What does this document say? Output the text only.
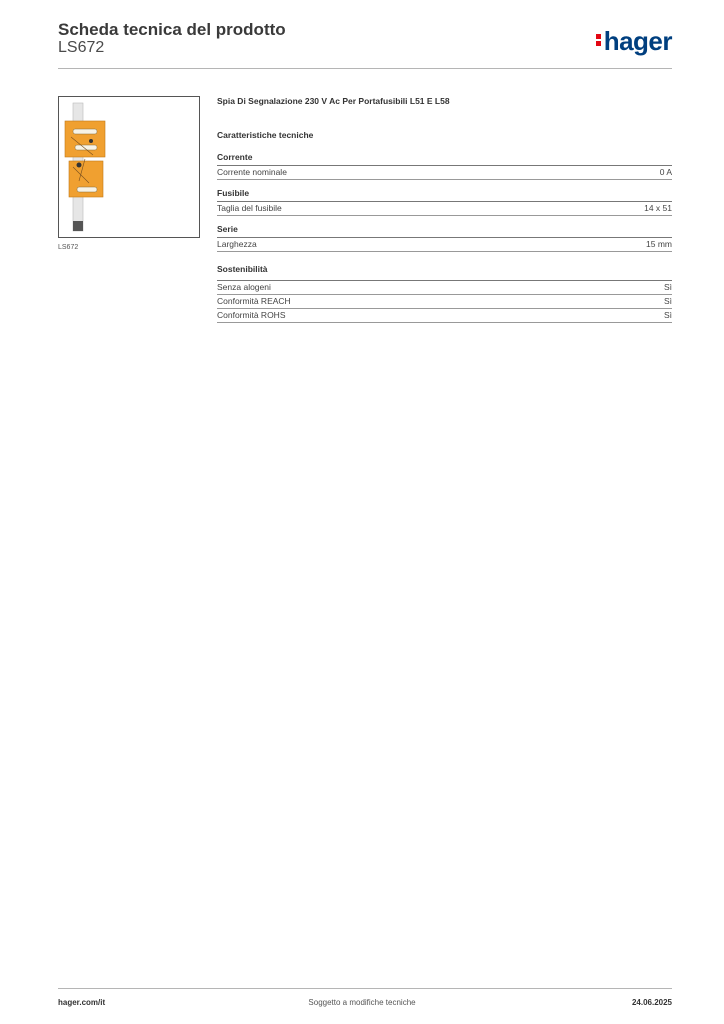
Scheda tecnica del prodotto
LS672	hager
LS672
Spia Di Segnalazione 230 V Ac Per Portafusibili L51 E L58
Caratteristiche tecniche
Corrente
Corrente nominale	0 A
Fusibile
Taglia del fusibile	14 x 51
Serie
Larghezza	15 mm
Sostenibilità
Senza alogeni	Sì
Conformità REACH	Sì
Conformità ROHS	Sì
hager.com/it	Soggetto a modifiche tecniche	24.06.2025
